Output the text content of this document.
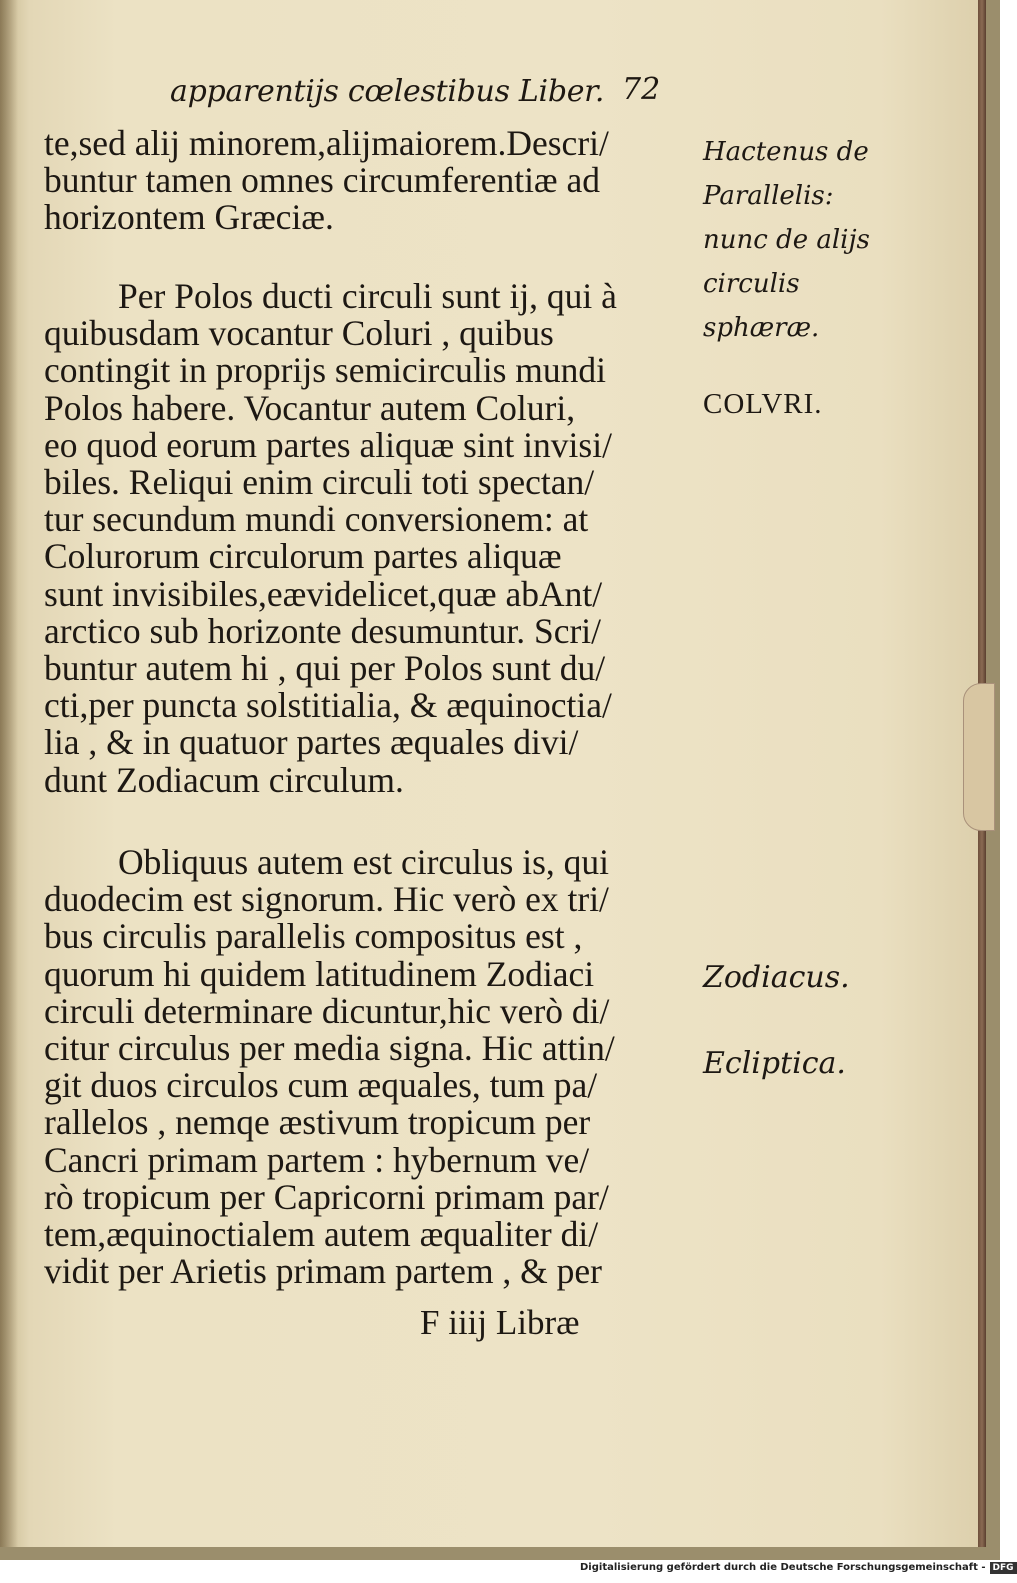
apparentijs cœlestibus Liber. 72
te,sed alij minorem,alijmaiorem.Descri/
buntur tamen omnes circumferentiæ ad
horizontem Græciæ.
Per Polos ducti circuli sunt ij, qui à
quibusdam vocantur Coluri , quibus
contingit in proprijs semicirculis mundi
Polos habere. Vocantur autem Coluri,
eo quod eorum partes aliquæ sint invisi/
biles. Reliqui enim circuli toti spectan/
tur secundum mundi conversionem: at
Colurorum circulorum partes aliquæ
sunt invisibiles,eævidelicet,quæ abAnt/
arctico sub horizonte desumuntur. Scri/
buntur autem hi , qui per Polos sunt du/
cti,per puncta solstitialia, & æquinoctia/
lia , & in quatuor partes æquales divi/
dunt Zodiacum circulum.
Obliquus autem est circulus is, qui
duodecim est signorum. Hic verò ex tri/
bus circulis parallelis compositus est ,
quorum hi quidem latitudinem Zodiaci
circuli determinare dicuntur,hic verò di/
citur circulus per media signa. Hic attin/
git duos circulos cum æquales, tum pa/
rallelos , nemqe æstivum tropicum per
Cancri primam partem : hybernum ve/
rò tropicum per Capricorni primam par/
tem,æquinoctialem autem æqualiter di/
vidit per Arietis primam partem , & per
F iiij Libræ
Hactenus de
Parallelis:
nunc de alijs
circulis
sphæræ.
COLVRI.
Zodiacus.
Ecliptica.
Digitalisierung gefördert durch die Deutsche Forschungsgemeinschaft - DFG
